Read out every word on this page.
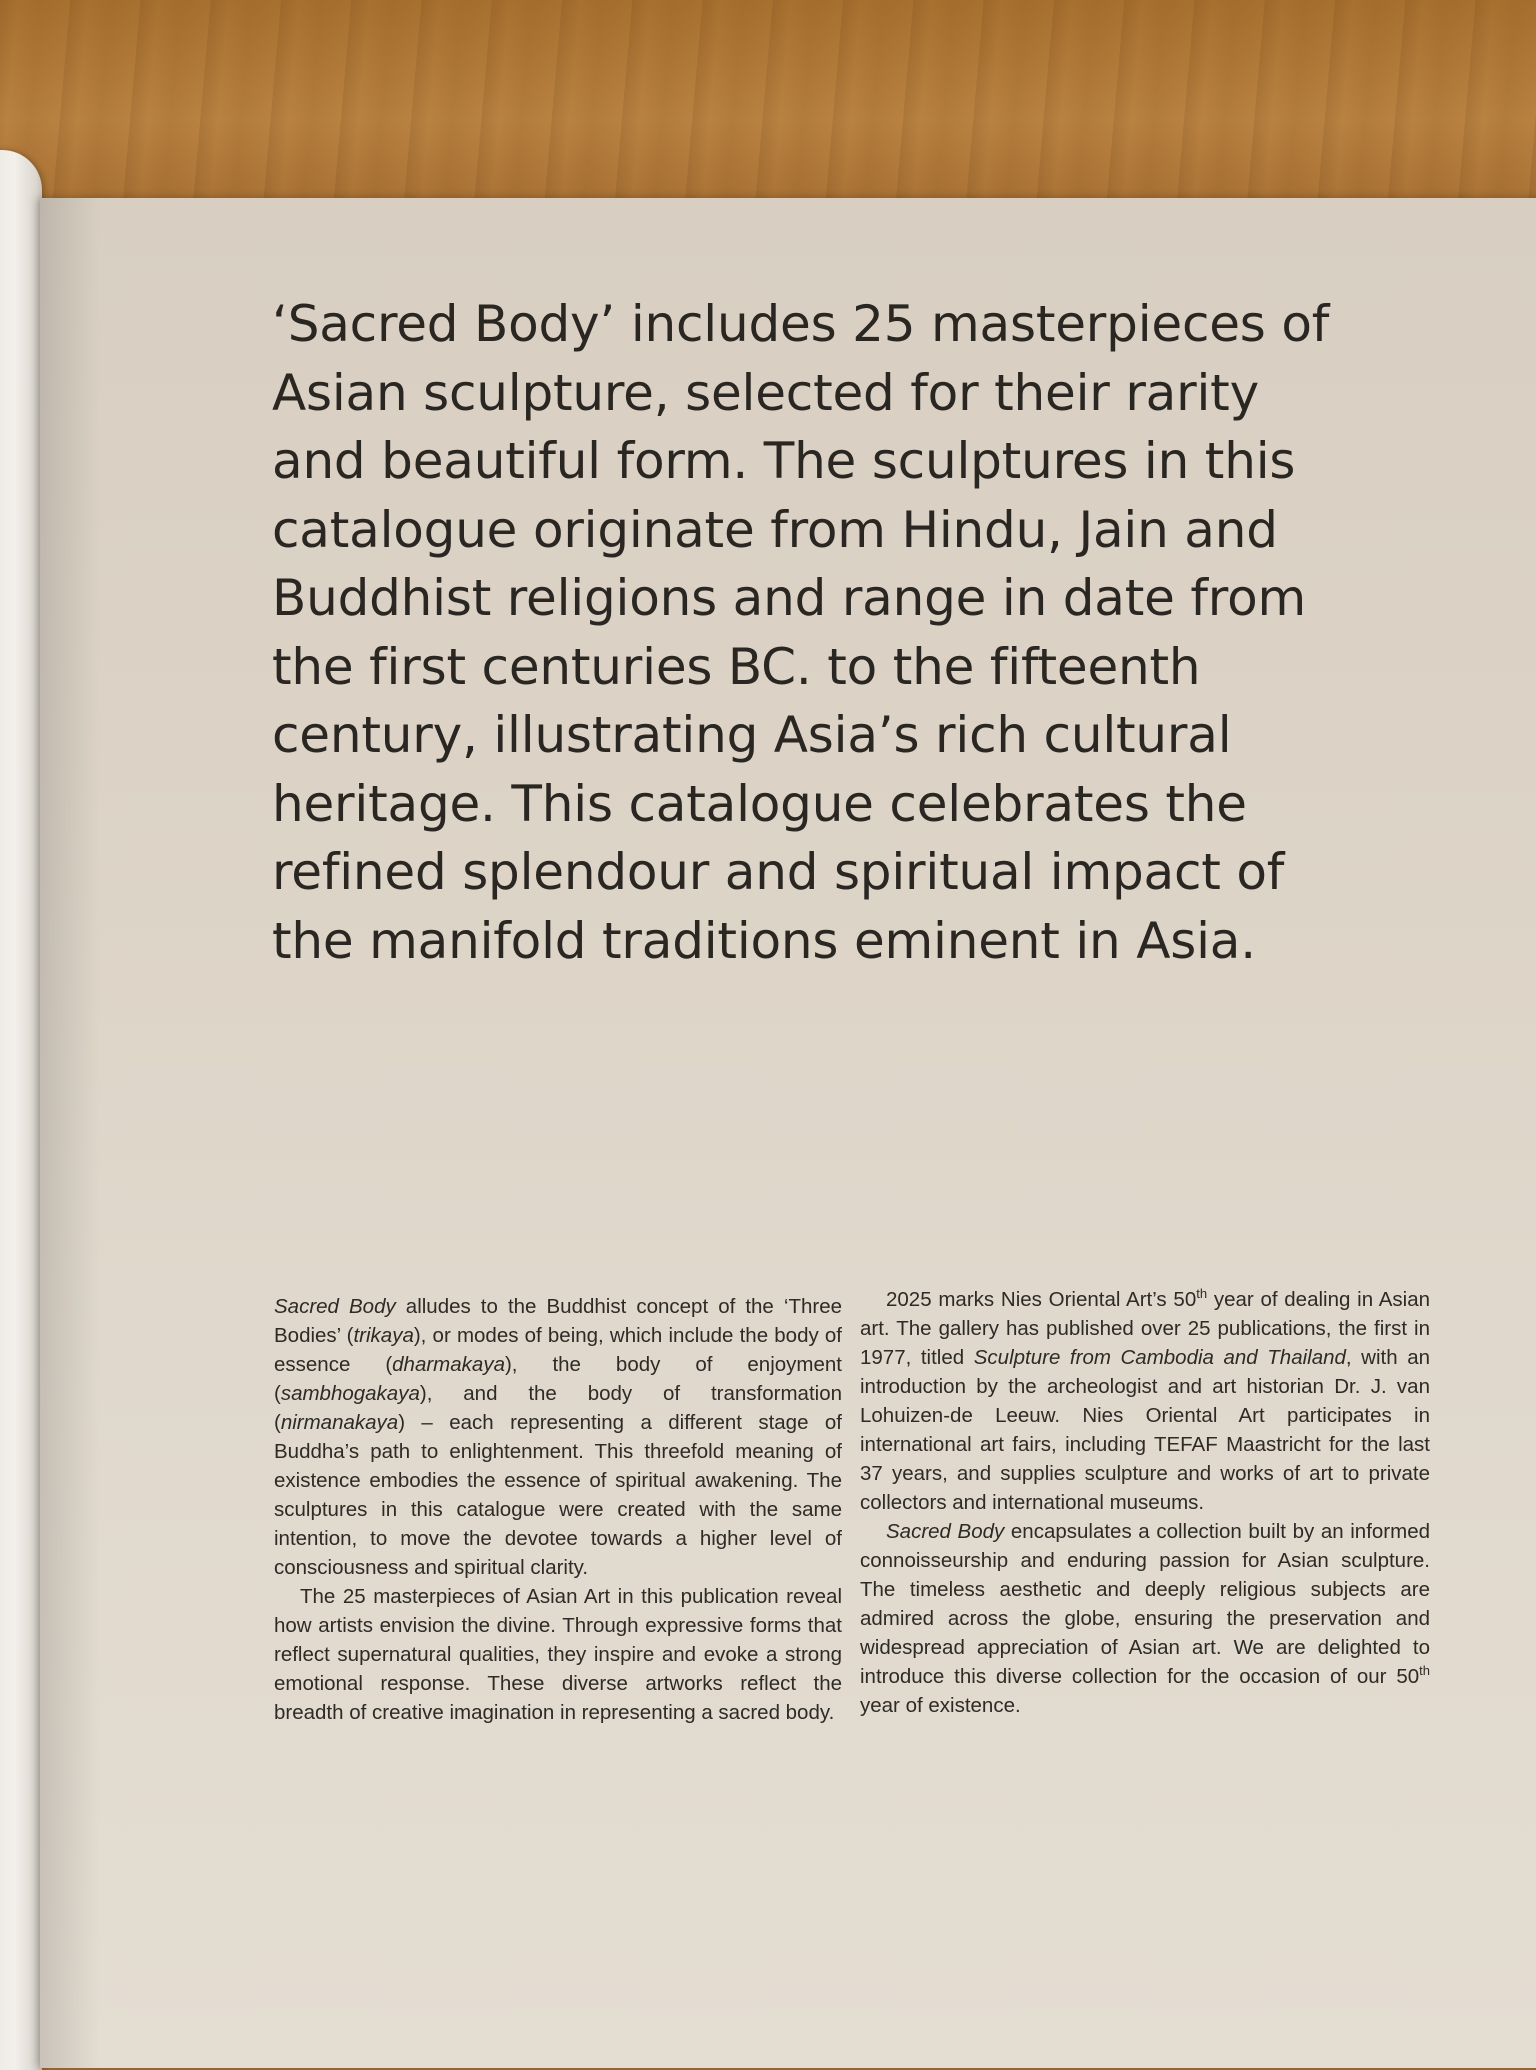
‘Sacred Body’ includes 25 masterpieces of Asian sculpture, selected for their rarity and beautiful form. The sculptures in this catalogue originate from Hindu, Jain and Buddhist religions and range in date from the first centuries BC. to the fifteenth century, illustrating Asia’s rich cultural heritage. This catalogue celebrates the refined splendour and spiritual impact of the manifold traditions eminent in Asia.

Sacred Body alludes to the Buddhist concept of the ‘Three Bodies’ (trikaya), or modes of being, which include the body of essence (dharmakaya), the body of enjoyment (sambhogakaya), and the body of transformation (nirmanakaya) – each representing a different stage of Buddha’s path to enlightenment. This threefold meaning of existence embodies the essence of spiritual awakening. The sculptures in this catalogue were created with the same intention, to move the devotee towards a higher level of consciousness and spiritual clarity.

The 25 masterpieces of Asian Art in this publication reveal how artists envision the divine. Through expressive forms that reflect supernatural qualities, they inspire and evoke a strong emotional response. These diverse artworks reflect the breadth of creative imagination in representing a sacred body.

2025 marks Nies Oriental Art’s 50th year of dealing in Asian art. The gallery has published over 25 publications, the first in 1977, titled Sculpture from Cambodia and Thailand, with an introduction by the archeologist and art historian Dr. J. van Lohuizen-de Leeuw. Nies Oriental Art participates in international art fairs, including TEFAF Maastricht for the last 37 years, and supplies sculpture and works of art to private collectors and international museums.

Sacred Body encapsulates a collection built by an informed connoisseurship and enduring passion for Asian sculpture. The timeless aesthetic and deeply religious subjects are admired across the globe, ensuring the preservation and widespread appreciation of Asian art. We are delighted to introduce this diverse collection for the occasion of our 50th year of existence.
